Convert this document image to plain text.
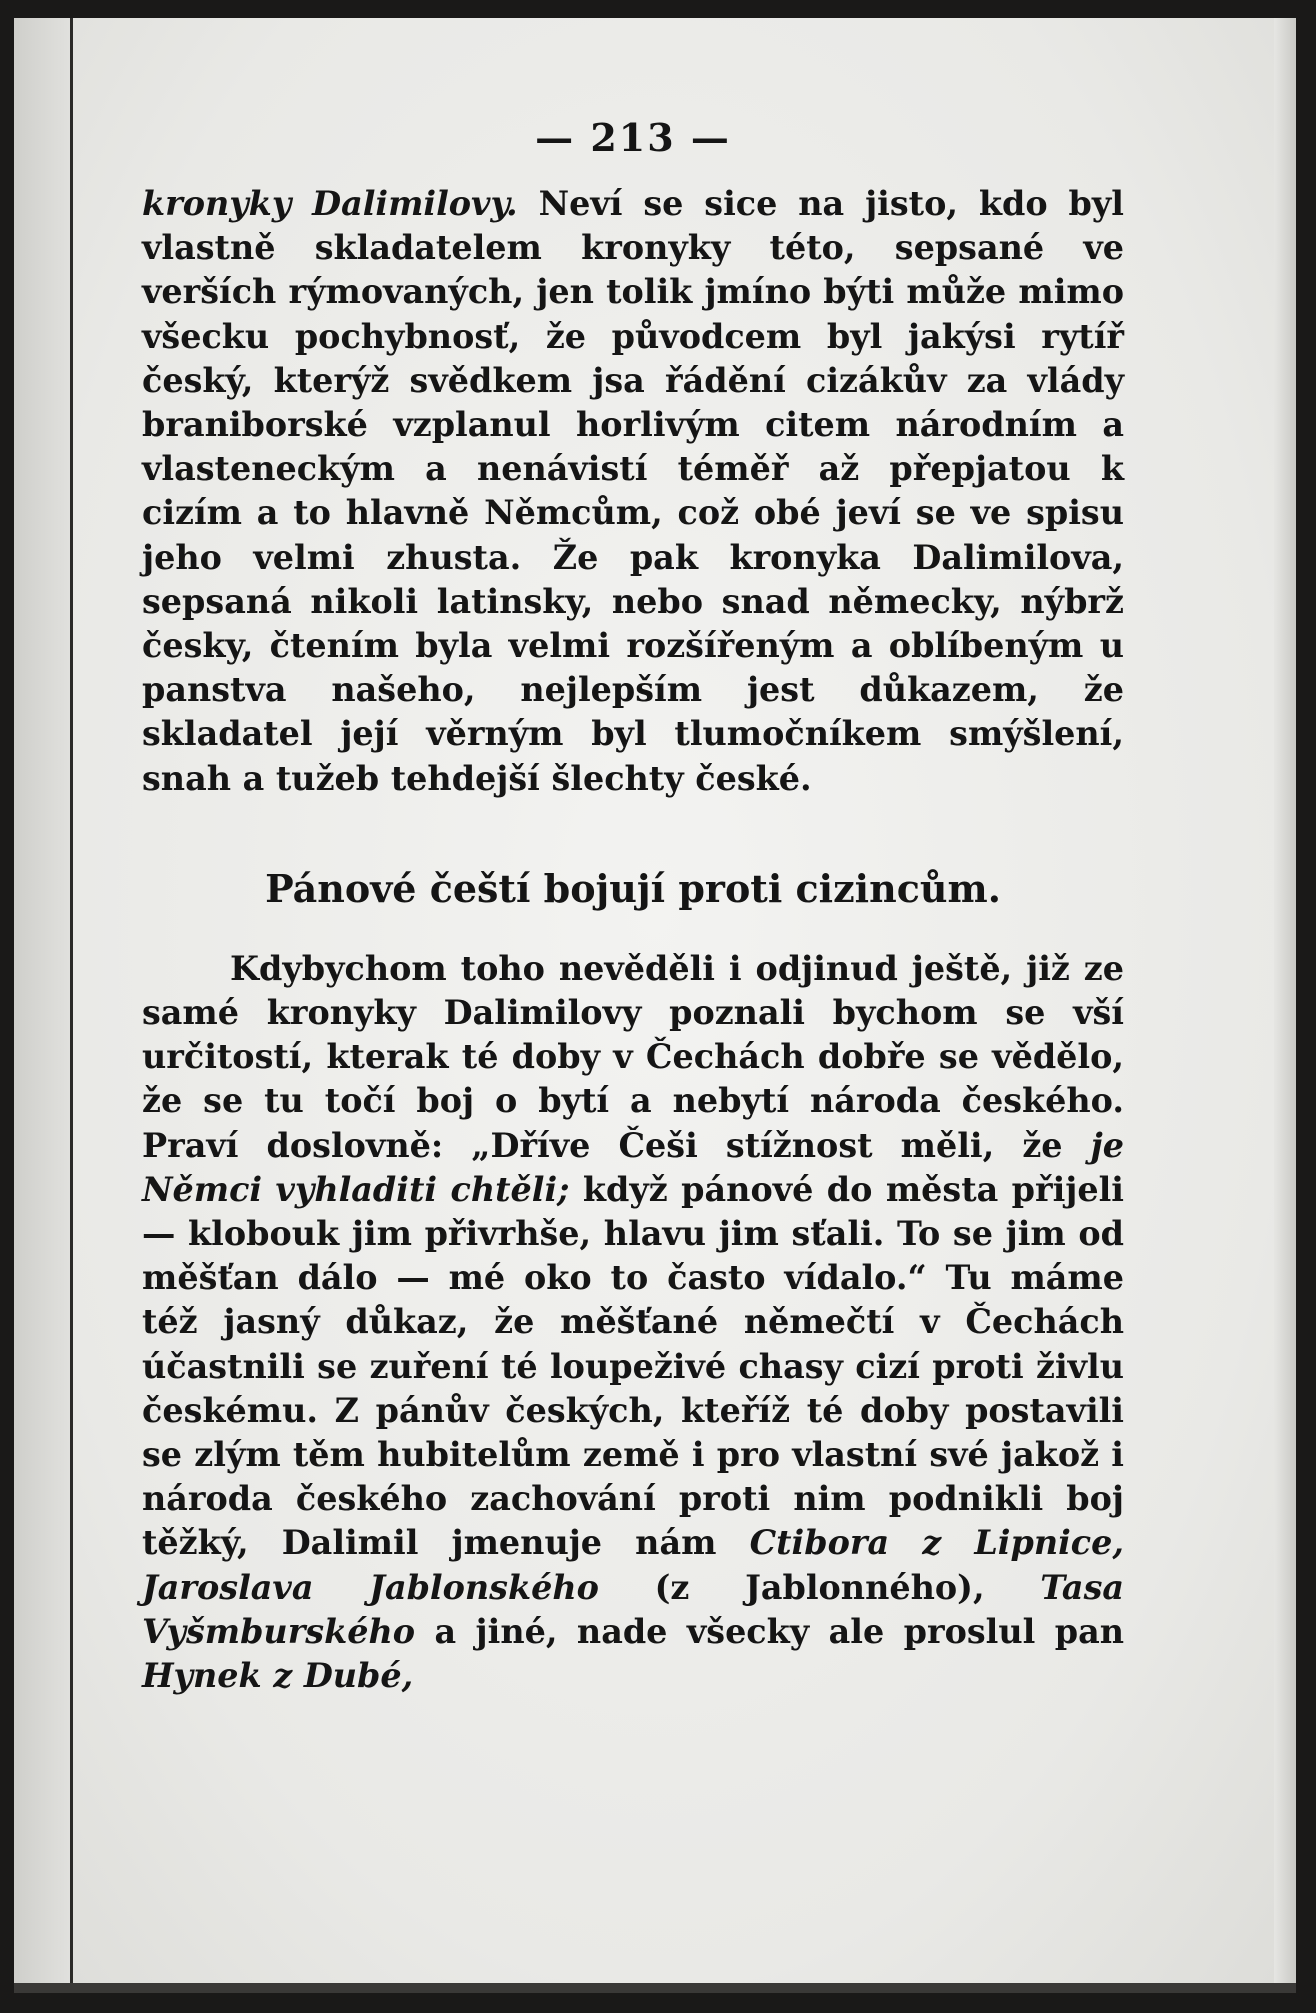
— 213 —

kronyky Dalimilovy. Neví se sice na jisto, kdo byl vlastně skladatelem kronyky této, sepsané ve verších rýmovaných, jen tolik jmíno býti může mimo všecku pochybnosť, že původcem byl jakýsi rytíř český, kterýž svědkem jsa řádění cizákův za vlády braniborské vzplanul horlivým citem národním a vlasteneckým a nenávistí téměř až přepjatou k cizím a to hlavně Němcům, což obé jeví se ve spisu jeho velmi zhusta. Že pak kronyka Dalimilova, sepsaná nikoli latinsky, nebo snad německy, nýbrž česky, čtením byla velmi rozšířeným a oblíbeným u panstva našeho, nejlepším jest důkazem, že skladatel její věrným byl tlumočníkem smýšlení, snah a tužeb tehdejší šlechty české.

Pánové čeští bojují proti cizincům.

Kdybychom toho nevěděli i odjinud ještě, již ze samé kronyky Dalimilovy poznali bychom se vší určitostí, kterak té doby v Čechách dobře se vědělo, že se tu točí boj o bytí a nebytí národa českého. Praví doslovně: „Dříve Češi stížnost měli, že je Němci vyhladiti chtěli; když pánové do města přijeli — klobouk jim přivrhše, hlavu jim sťali. To se jim od měšťan dálo — mé oko to často vídalo.“ Tu máme též jasný důkaz, že měšťané němečtí v Čechách účastnili se zuření té loupeživé chasy cizí proti živlu českému. Z pánův českých, kteříž té doby postavili se zlým těm hubitelům země i pro vlastní své jakož i národa českého zachování proti nim podnikli boj těžký, Dalimil jmenuje nám Ctibora z Lipnice, Jaroslava Jablonského (z Jablonného), Tasa Vyšmburského a jiné, nade všecky ale proslul pan Hynek z Dubé,
